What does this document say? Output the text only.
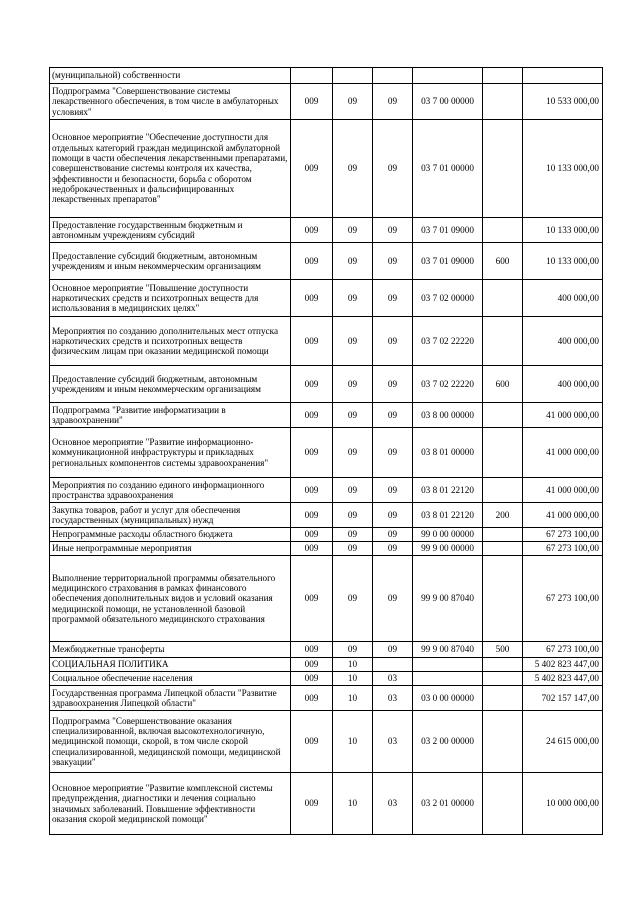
(муниципальной) собственности						
Подпрограмма "Совершенствование системы лекарственного обеспечения, в том числе в амбулаторных условиях"	009	09	09	03 7 00 00000		10 533 000,00
Основное мероприятие "Обеспечение доступности для отдельных категорий граждан медицинской амбулаторной помощи в части обеспечения лекарственными препаратами, совершенствование системы контроля их качества, эффективности и безопасности, борьба с оборотом недоброкачественных и фальсифицированных лекарственных препаратов"	009	09	09	03 7 01 00000		10 133 000,00
Предоставление государственным бюджетным и автономным учреждениям субсидий	009	09	09	03 7 01 09000		10 133 000,00
Предоставление субсидий бюджетным, автономным учреждениям и иным некоммерческим организациям	009	09	09	03 7 01 09000	600	10 133 000,00
Основное мероприятие "Повышение доступности наркотических средств и психотропных веществ для использования в медицинских целях"	009	09	09	03 7 02 00000		400 000,00
Мероприятия по созданию дополнительных мест отпуска наркотических средств и психотропных веществ физическим лицам при оказании медицинской помощи	009	09	09	03 7 02 22220		400 000,00
Предоставление субсидий бюджетным, автономным учреждениям и иным некоммерческим организациям	009	09	09	03 7 02 22220	600	400 000,00
Подпрограмма "Развитие информатизации в здравоохранении"	009	09	09	03 8 00 00000		41 000 000,00
Основное мероприятие "Развитие информационно-коммуникационной инфраструктуры и прикладных региональных компонентов системы здравоохранения"	009	09	09	03 8 01 00000		41 000 000,00
Мероприятия по созданию единого информационного пространства здравоохранения	009	09	09	03 8 01 22120		41 000 000,00
Закупка товаров, работ и услуг для обеспечения государственных (муниципальных) нужд	009	09	09	03 8 01 22120	200	41 000 000,00
Непрограммные расходы областного бюджета	009	09	09	99 0 00 00000		67 273 100,00
Иные непрограммные мероприятия	009	09	09	99 9 00 00000		67 273 100,00
Выполнение территориальной программы обязательного медицинского страхования в рамках финансового обеспечения дополнительных видов и условий оказания медицинской помощи, не установленной базовой программой обязательного медицинского страхования	009	09	09	99 9 00 87040		67 273 100,00
Межбюджетные трансферты	009	09	09	99 9 00 87040	500	67 273 100,00
СОЦИАЛЬНАЯ ПОЛИТИКА	009	10				5 402 823 447,00
Социальное обеспечение населения	009	10	03			5 402 823 447,00
Государственная программа Липецкой области "Развитие здравоохранения Липецкой области"	009	10	03	03 0 00 00000		702 157 147,00
Подпрограмма "Совершенствование оказания специализированной, включая высокотехнологичную, медицинской помощи, скорой, в том числе скорой специализированной, медицинской помощи, медицинской эвакуации"	009	10	03	03 2 00 00000		24 615 000,00
Основное мероприятие "Развитие комплексной системы предупреждения, диагностики и лечения социально значимых заболеваний. Повышение эффективности оказания скорой медицинской помощи"	009	10	03	03 2 01 00000		10 000 000,00
